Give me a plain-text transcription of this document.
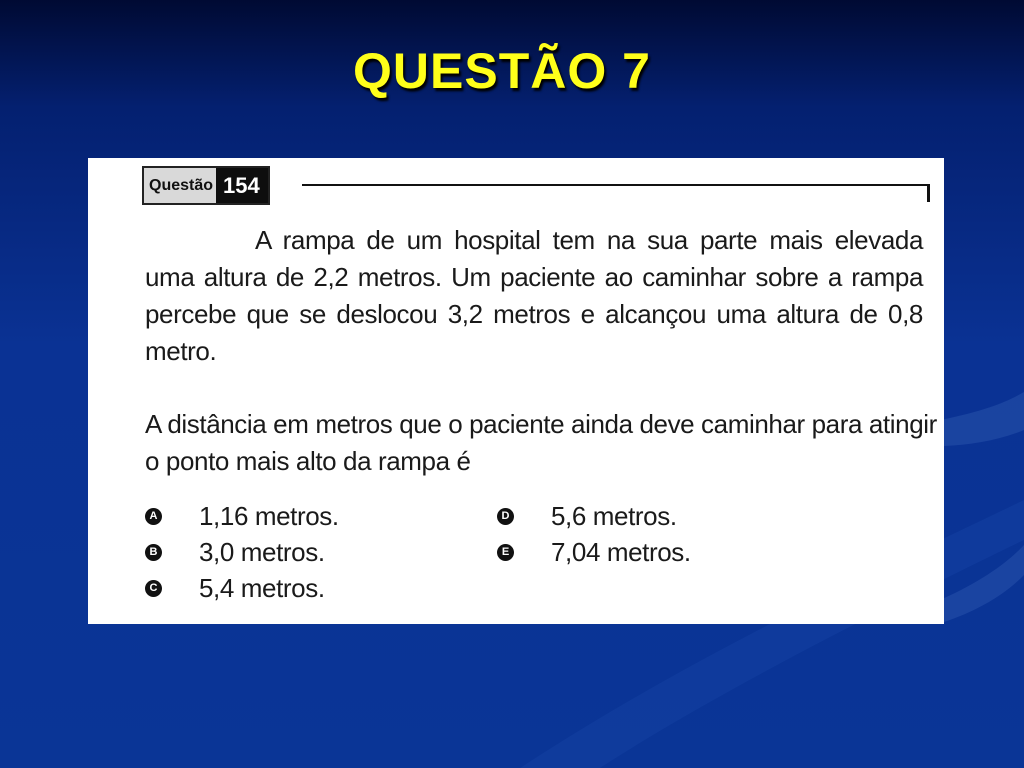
QUESTÃO 7
Questão 154

A rampa de um hospital tem na sua parte mais elevada uma altura de 2,2 metros. Um paciente ao caminhar sobre a rampa percebe que se deslocou 3,2 metros e alcançou uma altura de 0,8 metro.

A distância em metros que o paciente ainda deve caminhar para atingir o ponto mais alto da rampa é

A 1,16 metros.
B 3,0 metros.
C 5,4 metros.
D 5,6 metros.
E 7,04 metros.
